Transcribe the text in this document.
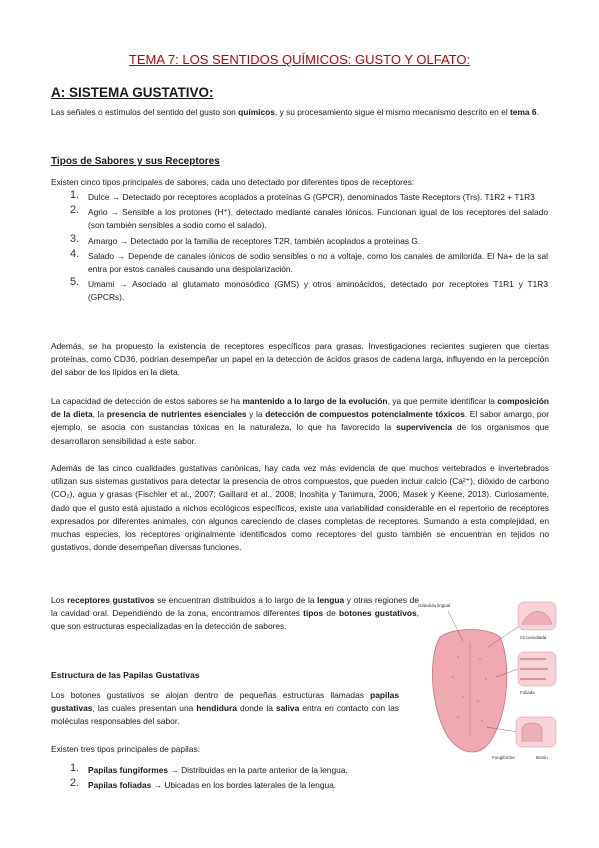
TEMA 7: LOS SENTIDOS QUÍMICOS: GUSTO Y OLFATO:
A: SISTEMA GUSTATIVO:
Las señales o estímulos del sentido del gusto son químicos, y su procesamiento sigue el mismo mecanismo descrito en el tema 6.
Tipos de Sabores y sus Receptores
Existen cinco tipos principales de sabores, cada uno detectado por diferentes tipos de receptores:
1. Dulce → Detectado por receptores acoplados a proteínas G (GPCR), denominados Taste Receptors (Trs). T1R2 + T1R3
2. Agrio → Sensible a los protones (H⁺), detectado mediante canales iónicos. Funcionan igual de los receptores del salado (son también sensibles a sodio como el salado).
3. Amargo → Detectado por la familia de receptores T2R, también acoplados a proteínas G.
4. Salado → Depende de canales iónicos de sodio sensibles o no a voltaje, como los canales de amilorida. El Na+ de la sal entra por estos canales causando una despolarización.
5. Umami → Asociado al glutamato monosódico (GMS) y otros aminoácidos, detectado por receptores T1R1 y T1R3 (GPCRs).
Además, se ha propuesto la existencia de receptores específicos para grasas. Investigaciones recientes sugieren que ciertas proteínas, como CD36, podrían desempeñar un papel en la detección de ácidos grasos de cadena larga, influyendo en la percepción del sabor de los lípidos en la dieta.
La capacidad de detección de estos sabores se ha mantenido a lo largo de la evolución, ya que permite identificar la composición de la dieta, la presencia de nutrientes esenciales y la detección de compuestos potencialmente tóxicos. El sabor amargo, por ejemplo, se asocia con sustancias tóxicas en la naturaleza, lo que ha favorecido la supervivencia de los organismos que desarrollaron sensibilidad a este sabor.
Además de las cinco cualidades gustativas canónicas, hay cada vez más evidencia de que muchos vertebrados e invertebrados utilizan sus sistemas gustativos para detectar la presencia de otros compuestos, que pueden incluir calcio (Ca²⁺), dióxido de carbono (CO₂), agua y grasas (Fischler et al., 2007; Gaillard et al., 2008; Inoshita y Tanimura, 2006; Masek y Keene, 2013). Curiosamente, dado que el gusto está ajustado a nichos ecológicos específicos, existe una variabilidad considerable en el repertorio de receptores expresados por diferentes animales, con algunos careciendo de clases completas de receptores. Sumando a esta complejidad, en muchas especies, los receptores originalmente identificados como receptores del gusto también se encuentran en tejidos no gustativos, donde desempeñan diversas funciones.
Los receptores gustativos se encuentran distribuidos a lo largo de la lengua y otras regiones de la cavidad oral. Dependiendo de la zona, encontramos diferentes tipos de botones gustativos, que son estructuras especializadas en la detección de sabores.
Estructura de las Papilas Gustativas
Los botones gustativos se alojan dentro de pequeñas estructuras llamadas papilas gustativas, las cuales presentan una hendidura donde la saliva entra en contacto con las moléculas responsables del sabor.
Existen tres tipos principales de papilas:
1. Papilas fungiformes → Distribuidas en la parte anterior de la lengua.
2. Papilas foliadas → Ubicadas en los bordes laterales de la lengua.
Glándula lingual
Circunvalada
Foliada
Fungiforme	Botón
